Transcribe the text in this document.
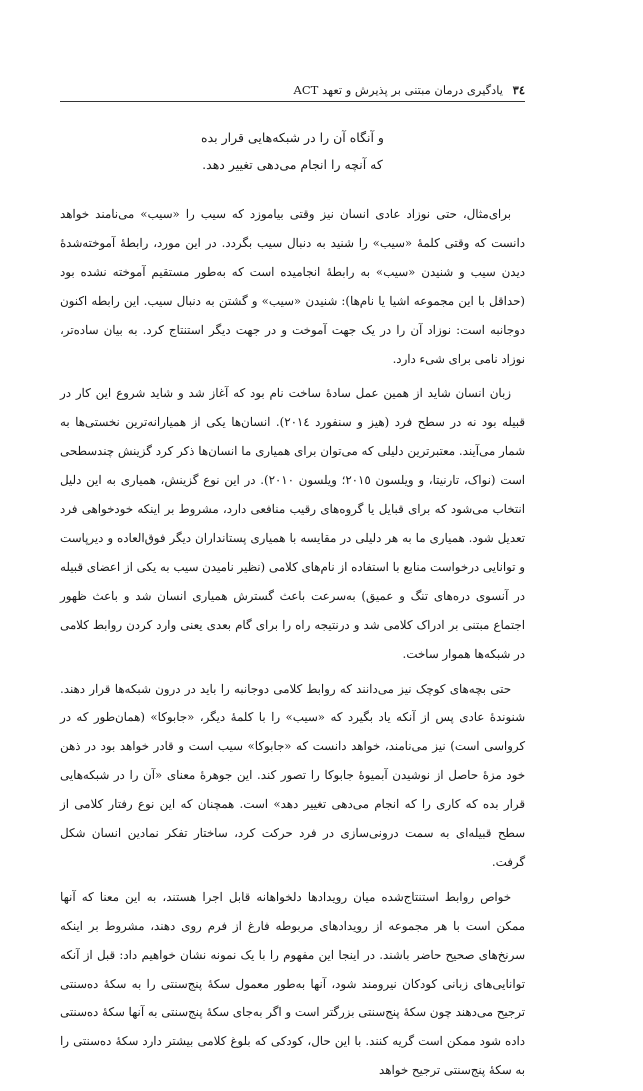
٣٤ یادگیری درمان مبتنی بر پذیرش و تعهد ACT
و آنگاه آن را در شبکه‌هایی قرار بده
که آنچه را انجام می‌دهی تغییر دهد.

برای‌مثال، حتی نوزاد عادی انسان نیز وقتی بیاموزد که سیب را «سیب» می‌نامند خواهد دانست که وقتی کلمهٔ «سیب» را شنید به دنبال سیب بگردد. در این مورد، رابطهٔ آموخته‌شدهٔ دیدن سیب و شنیدن «سیب» به رابطهٔ انجامیده است که به‌طور مستقیم آموخته نشده بود (حداقل با این مجموعه اشیا یا نام‌ها): شنیدن «سیب» و گشتن به دنبال سیب. این رابطه اکنون دوجانبه است: نوزاد آن را در یک جهت آموخت و در جهت دیگر استنتاج کرد. به بیان ساده‌تر، نوزاد نامی برای شیء دارد.

زبان انسان شاید از همین عمل سادهٔ ساخت نام بود که آغاز شد و شاید شروع این کار در قبیله بود نه در سطح فرد (هیز و سنفورد ٢٠١٤). انسان‌ها یکی از همیارانه‌ترین نخستی‌ها به شمار می‌آیند. معتبرترین دلیلی که می‌توان برای همیاری ما انسان‌ها ذکر کرد گزینش چندسطحی است (نواک، تارنیتا، و ویلسون ٢٠١٥؛ ویلسون ٢٠١٠). در این نوع گزینش، همیاری به این دلیل انتخاب می‌شود که برای قبایل یا گروه‌های رقیب منافعی دارد، مشروط بر اینکه خودخواهی فرد تعدیل شود. همیاری ما به هر دلیلی در مقایسه با همیاری پستانداران دیگر فوق‌العاده و دیرپاست و توانایی درخواست منابع با استفاده از نام‌های کلامی (نظیر نامیدن سیب به یکی از اعضای قبیله در آنسوی دره‌های تنگ و عمیق) به‌سرعت باعث گسترش همیاری انسان شد و باعث ظهور اجتماع مبتنی بر ادراک کلامی شد و درنتیجه راه را برای گام بعدی یعنی وارد کردن روابط کلامی در شبکه‌ها هموار ساخت.

حتی بچه‌های کوچک نیز می‌دانند که روابط کلامی دوجانبه را باید در درون شبکه‌ها قرار دهند. شنوندهٔ عادی پس از آنکه یاد بگیرد که «سیب» را با کلمهٔ دیگر، «جابوکا» (همان‌طور که در کرواسی است) نیز می‌نامند، خواهد دانست که «جابوکا» سیب است و قادر خواهد بود در ذهن خود مزهٔ حاصل از نوشیدن آبمیوهٔ جابوکا را تصور کند. این جوهرهٔ معنای «آن را در شبکه‌هایی قرار بده که کاری را که انجام می‌دهی تغییر دهد» است. همچنان که این نوع رفتار کلامی از سطح قبیله‌ای به سمت درونی‌سازی در فرد حرکت کرد، ساختار تفکر نمادین انسان شکل گرفت.

خواص روابط استنتاج‌شده میان رویدادها دلخواهانه قابل اجرا هستند، به این معنا که آنها ممکن است با هر مجموعه از رویدادهای مربوطه فارغ از فرم روی دهند، مشروط بر اینکه سرنخ‌های صحیح حاضر باشند. در اینجا این مفهوم را با یک نمونه نشان خواهیم داد: قبل از آنکه توانایی‌های زبانی کودکان نیرومند شود، آنها به‌طور معمول سکهٔ پنج‌سنتی را به سکهٔ ده‌سنتی ترجیح می‌دهند چون سکهٔ پنج‌سنتی بزرگتر است و اگر به‌جای سکهٔ پنج‌سنتی به آنها سکهٔ ده‌سنتی داده شود ممکن است گریه کنند. با این حال، کودکی که بلوغ کلامی بیشتر دارد سکهٔ ده‌سنتی را به سکهٔ پنج‌سنتی ترجیح خواهد
